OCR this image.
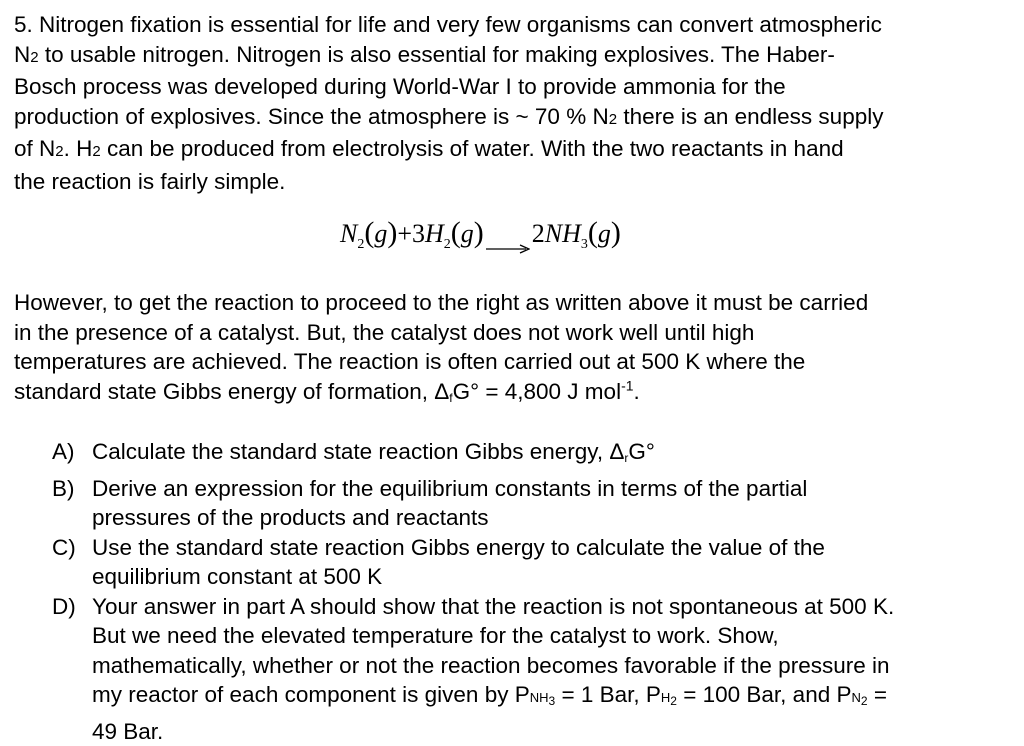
5. Nitrogen fixation is essential for life and very few organisms can convert atmospheric
N2 to usable nitrogen. Nitrogen is also essential for making explosives. The Haber-
Bosch process was developed during World-War I to provide ammonia for the
production of explosives. Since the atmosphere is ~ 70 % N2 there is an endless supply
of N2. H2 can be produced from electrolysis of water. With the two reactants in hand
the reaction is fairly simple.

$N_2(g)+3H_2(g) \to 2NH_3(g)$

However, to get the reaction to proceed to the right as written above it must be carried
in the presence of a catalyst. But, the catalyst does not work well until high
temperatures are achieved. The reaction is often carried out at 500 K where the
standard state Gibbs energy of formation, ΔfG° = 4,800 J mol$^{-1}$.

A) Calculate the standard state reaction Gibbs energy, ΔrG°
B) Derive an expression for the equilibrium constants in terms of the partial
pressures of the products and reactants
C) Use the standard state reaction Gibbs energy to calculate the value of the
equilibrium constant at 500 K
D) Your answer in part A should show that the reaction is not spontaneous at 500 K.
But we need the elevated temperature for the catalyst to work. Show,
mathematically, whether or not the reaction becomes favorable if the pressure in
my reactor of each component is given by PNH3 = 1 Bar, PH2 = 100 Bar, and PN2 =
49 Bar.
